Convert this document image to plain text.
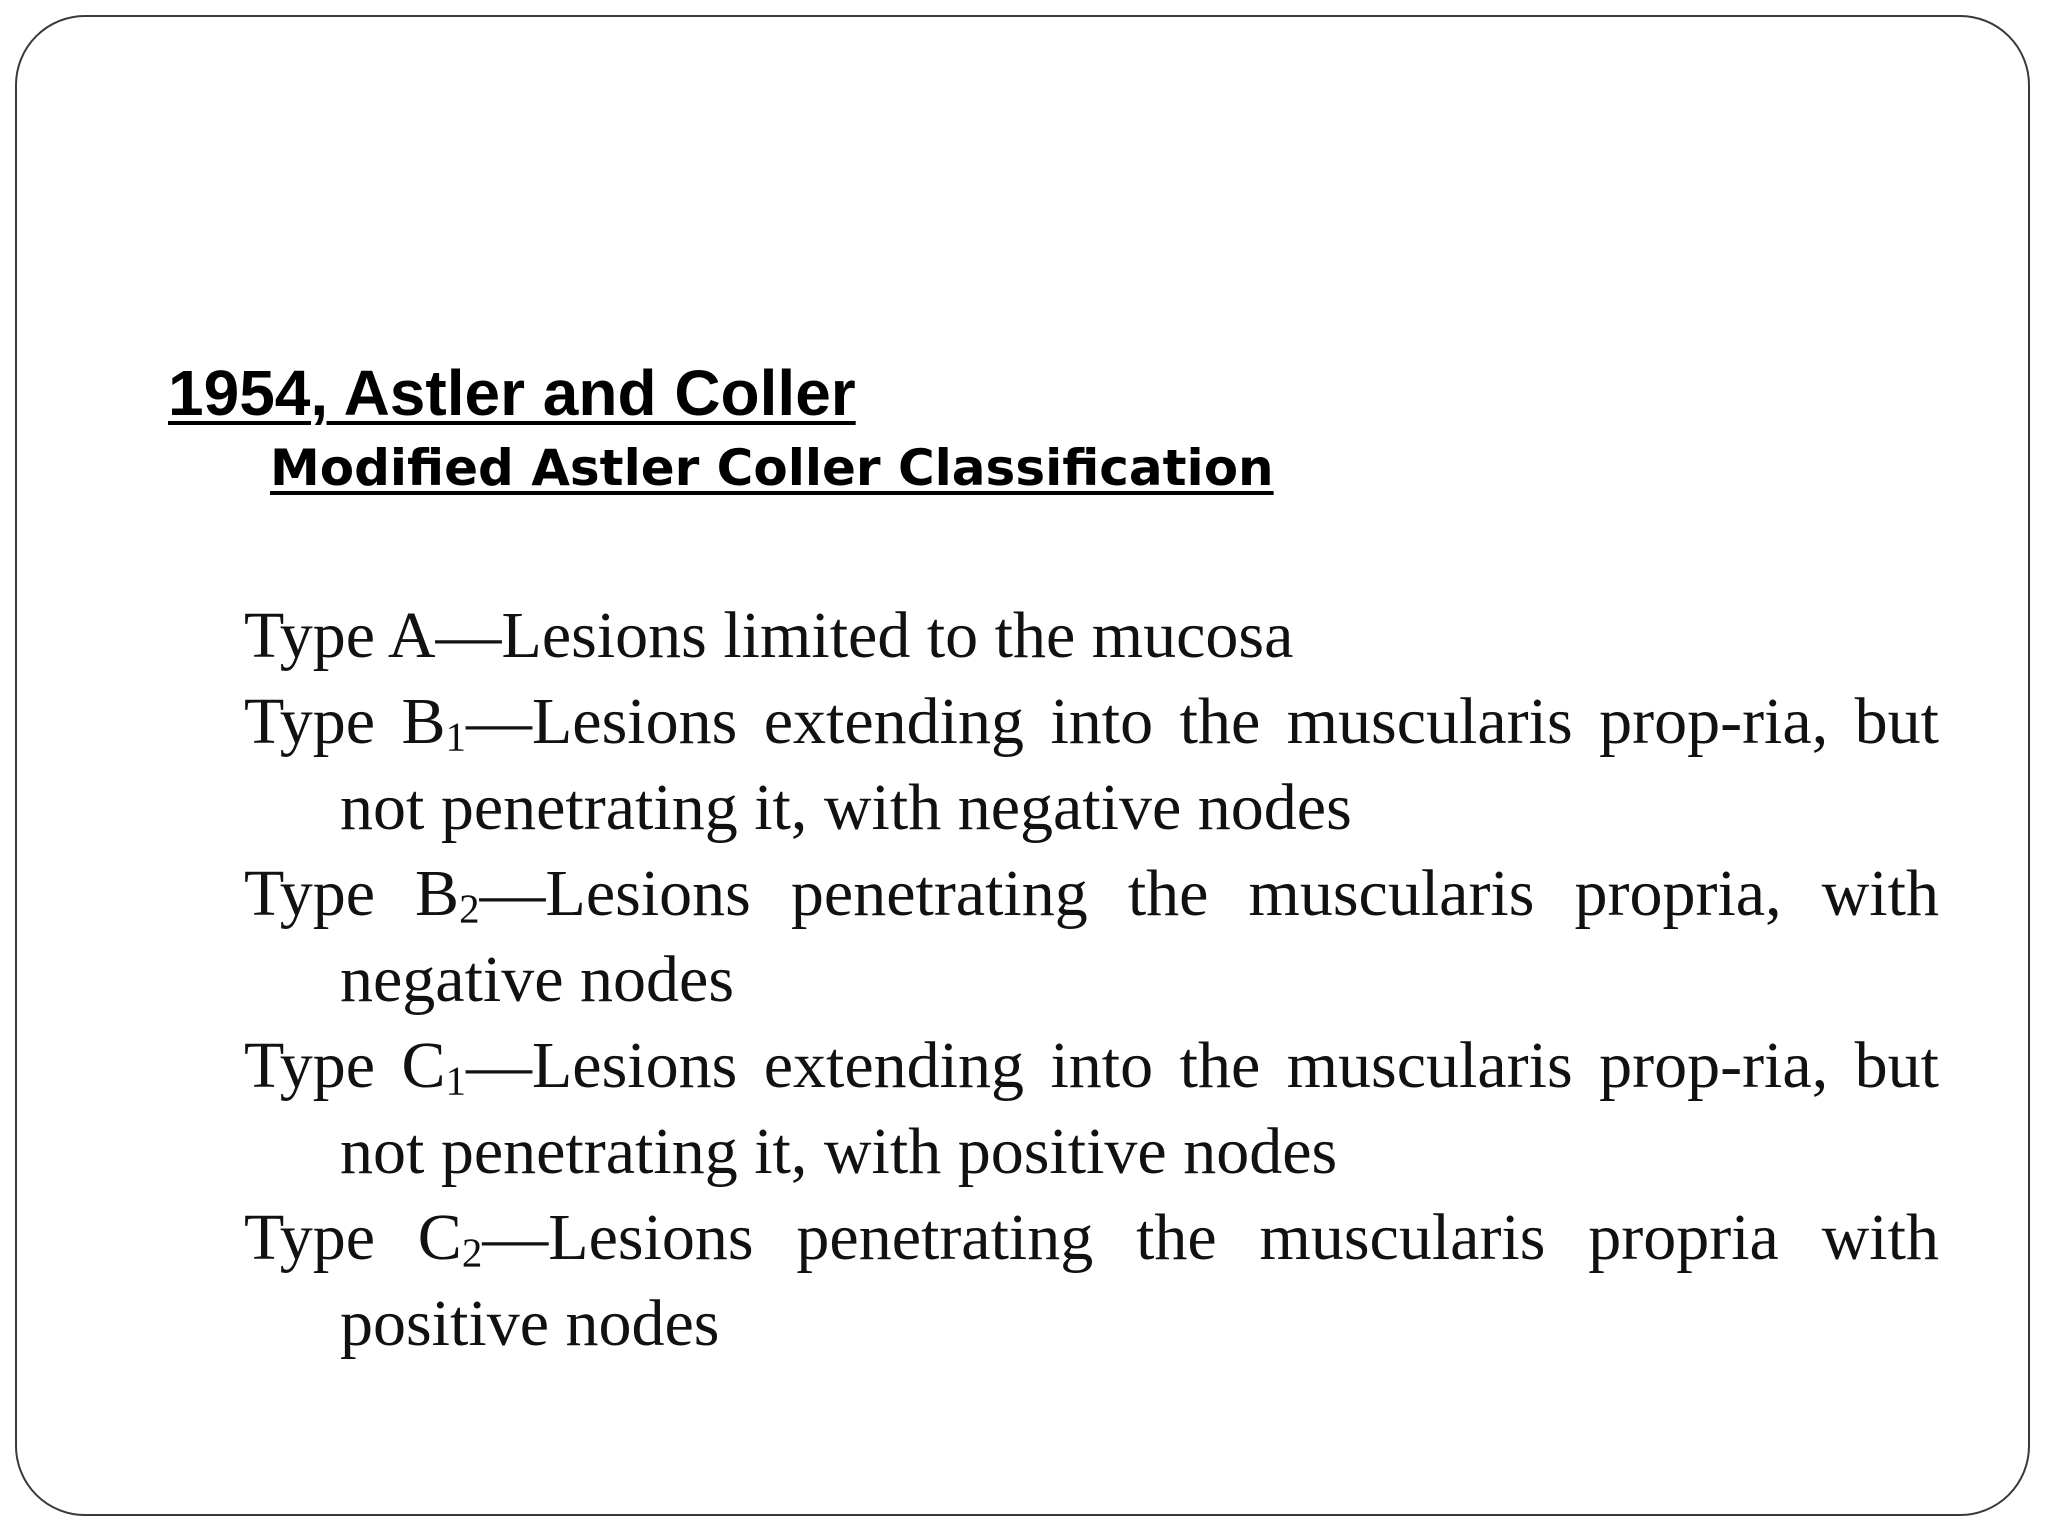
1954, Astler and Coller
Modified Astler Coller Classification
Type A—Lesions limited to the mucosa
Type $B_1—Lesions$ extending into the muscularis prop-ria, but not penetrating it, with negative nodes
Type $B_2—Lesions$ penetrating the muscularis propria, with negative nodes
Type $C_1—Lesions$ extending into the muscularis prop-ria, but not penetrating it, with positive nodes
Type $C_2—Lesions$ penetrating the muscularis propria with positive nodes
